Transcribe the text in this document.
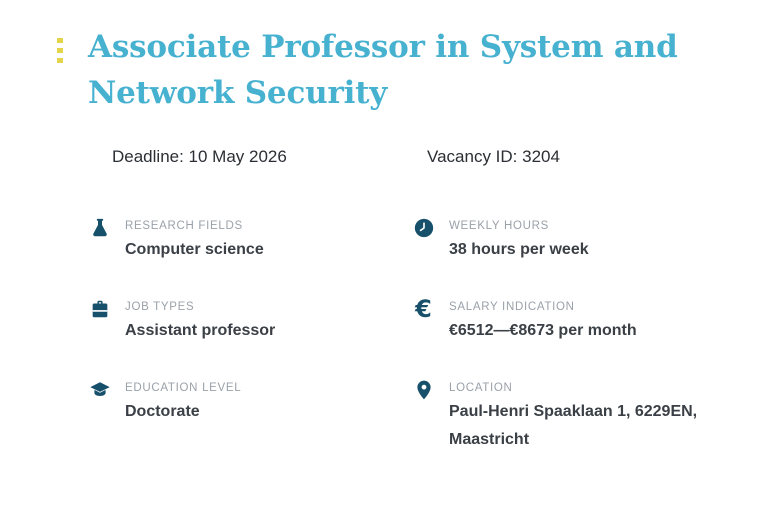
Associate Professor in System and Network Security
Deadline: 10 May 2026	Vacancy ID: 3204
RESEARCH FIELDS
Computer science
WEEKLY HOURS
38 hours per week
JOB TYPES
Assistant professor
€ SALARY INDICATION
€6512—€8673 per month
EDUCATION LEVEL
Doctorate
LOCATION
Paul-Henri Spaaklaan 1, 6229EN, Maastricht
